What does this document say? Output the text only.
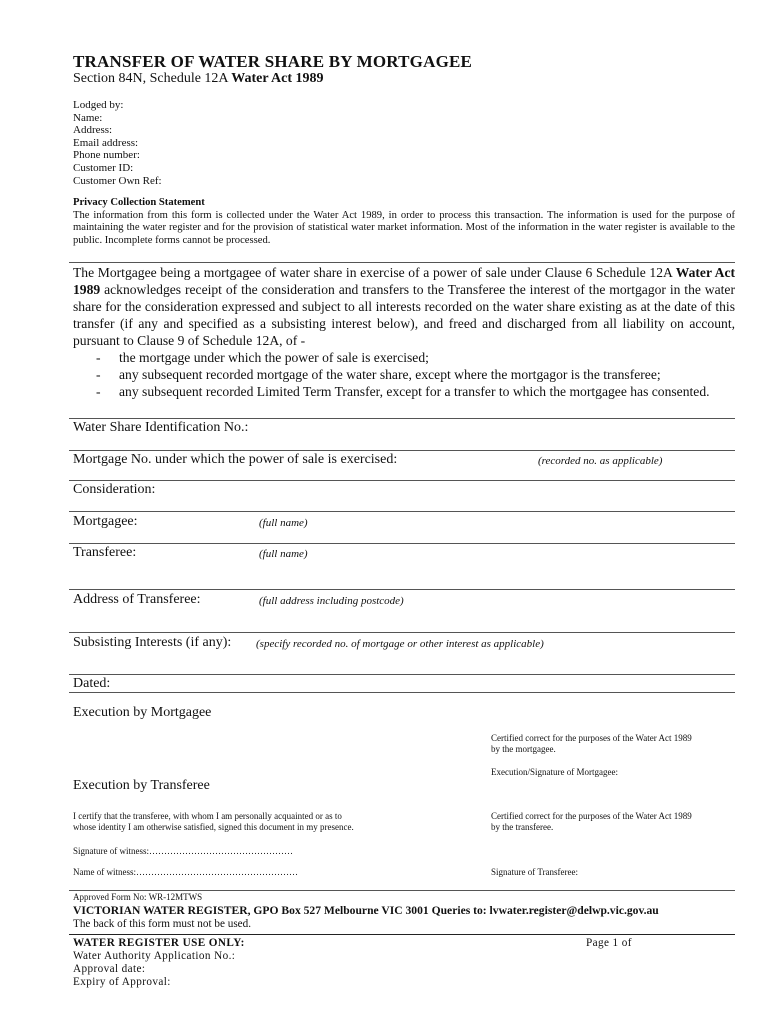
TRANSFER OF WATER SHARE BY MORTGAGEE
Section 84N, Schedule 12A Water Act 1989
Lodged by:
Name:
Address:
Email address:
Phone number:
Customer ID:
Customer Own Ref:
Privacy Collection Statement
The information from this form is collected under the Water Act 1989, in order to process this transaction. The information is used for the purpose of maintaining the water register and for the provision of statistical water market information. Most of the information in the water register is available to the public. Incomplete forms cannot be processed.
The Mortgagee being a mortgagee of water share in exercise of a power of sale under Clause 6 Schedule 12A Water Act 1989 acknowledges receipt of the consideration and transfers to the Transferee the interest of the mortgagor in the water share for the consideration expressed and subject to all interests recorded on the water share existing as at the date of this transfer (if any and specified as a subsisting interest below), and freed and discharged from all liability on account, pursuant to Clause 9 of Schedule 12A, of -
- the mortgage under which the power of sale is exercised;
- any subsequent recorded mortgage of the water share, except where the mortgagor is the transferee;
- any subsequent recorded Limited Term Transfer, except for a transfer to which the mortgagee has consented.
Water Share Identification No.:
Mortgage No. under which the power of sale is exercised:	(recorded no. as applicable)
Consideration:
Mortgagee:	(full name)
Transferee:	(full name)
Address of Transferee:	(full address including postcode)
Subsisting Interests (if any): (specify recorded no. of mortgage or other interest as applicable)
Dated:
Execution by Mortgagee
Certified correct for the purposes of the Water Act 1989
by the mortgagee.
Execution/Signature of Mortgagee:
Execution by Transferee
I certify that the transferee, with whom I am personally acquainted or as to
whose identity I am otherwise satisfied, signed this document in my presence.
Certified correct for the purposes of the Water Act 1989
by the transferee.
Signature of witness:…………………………………………
Name of witness:………………………………………………	Signature of Transferee:
Approved Form No: WR-12MTWS
VICTORIAN WATER REGISTER, GPO Box 527 Melbourne VIC 3001 Queries to: lvwater.register@delwp.vic.gov.au
The back of this form must not be used.
WATER REGISTER USE ONLY:	Page 1 of
Water Authority Application No.:
Approval date:
Expiry of Approval:
